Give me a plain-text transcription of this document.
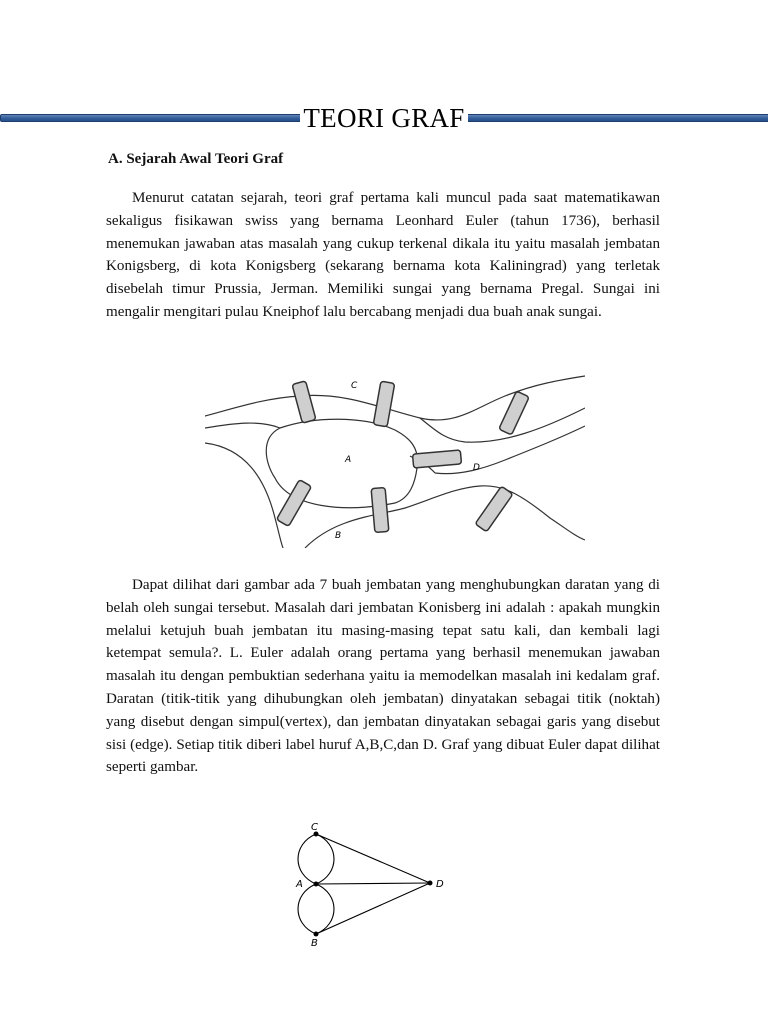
TEORI GRAF
A. Sejarah Awal Teori Graf

Menurut catatan sejarah, teori graf pertama kali muncul pada saat matematikawan sekaligus fisikawan swiss yang bernama Leonhard Euler (tahun 1736), berhasil menemukan jawaban atas masalah yang cukup terkenal dikala itu yaitu masalah jembatan Konigsberg, di kota Konigsberg (sekarang bernama kota Kaliningrad) yang terletak disebelah timur Prussia, Jerman. Memiliki sungai yang bernama Pregal. Sungai ini mengalir mengitari pulau Kneiphof lalu bercabang menjadi dua buah anak sungai.

C
A
D
B

Dapat dilihat dari gambar ada 7 buah jembatan yang menghubungkan daratan yang di belah oleh sungai tersebut. Masalah dari jembatan Konisberg ini adalah : apakah mungkin melalui ketujuh buah jembatan itu masing-masing tepat satu kali, dan kembali lagi ketempat semula?. L. Euler adalah orang pertama yang berhasil menemukan jawaban masalah itu dengan pembuktian sederhana yaitu ia memodelkan masalah ini kedalam graf. Daratan (titik-titik yang dihubungkan oleh jembatan) dinyatakan sebagai titik (noktah) yang disebut dengan simpul(vertex), dan jembatan dinyatakan sebagai garis yang disebut sisi (edge). Setiap titik diberi label huruf A,B,C,dan D. Graf yang dibuat Euler dapat dilihat seperti gambar.

C
A	D
B
